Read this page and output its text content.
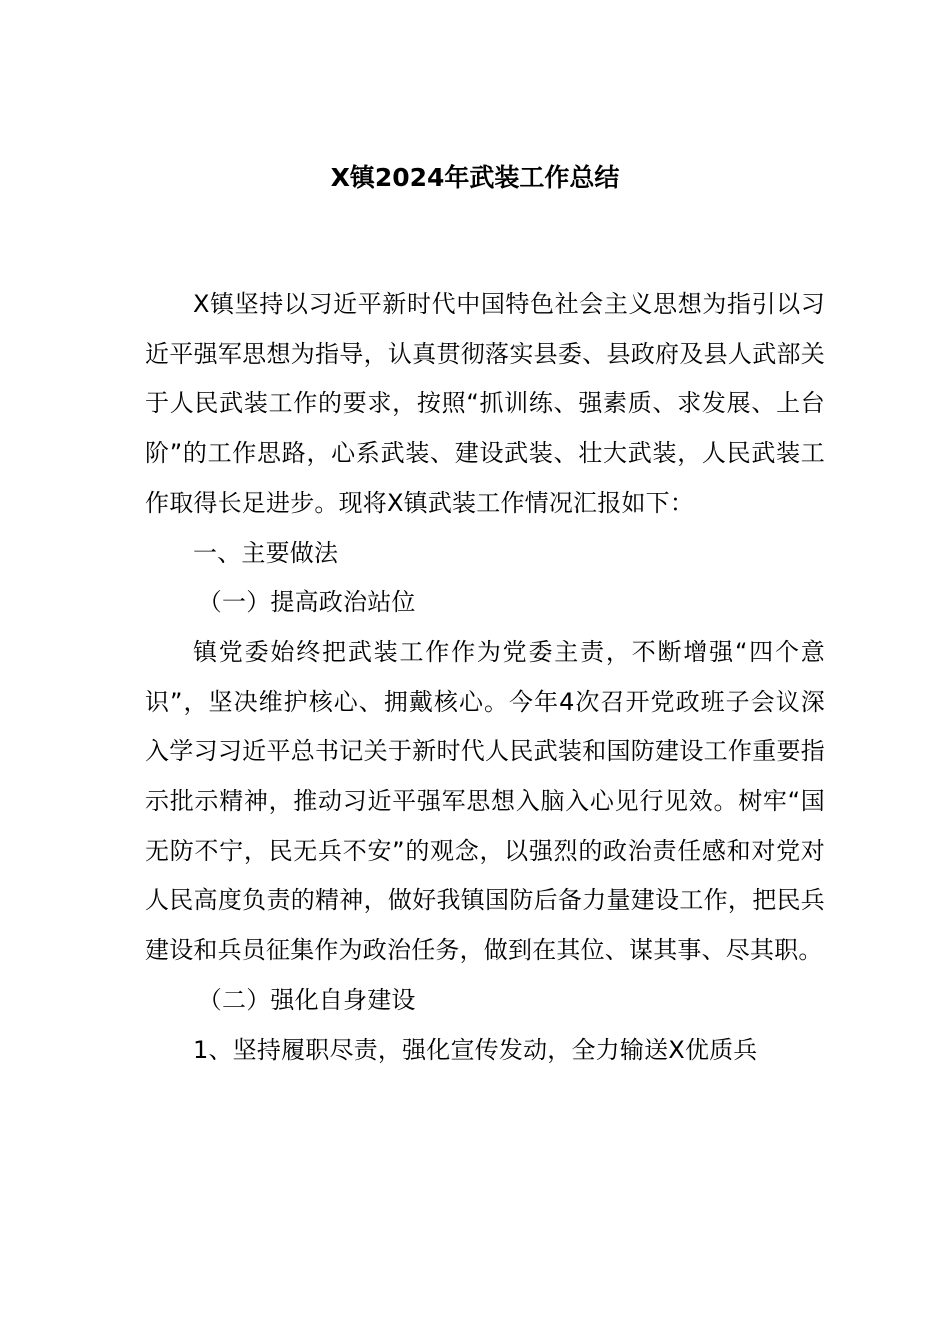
X镇2024年武装工作总结

X镇坚持以习近平新时代中国特色社会主义思想为指引以习近平强军思想为指导，认真贯彻落实县委、县政府及县人武部关于人民武装工作的要求，按照“抓训练、强素质、求发展、上台阶”的工作思路，心系武装、建设武装、壮大武装，人民武装工作取得长足进步。现将X镇武装工作情况汇报如下：

一、主要做法

（一）提高政治站位

镇党委始终把武装工作作为党委主责，不断增强“四个意识”，坚决维护核心、拥戴核心。今年4次召开党政班子会议深入学习习近平总书记关于新时代人民武装和国防建设工作重要指示批示精神，推动习近平强军思想入脑入心见行见效。树牢“国无防不宁，民无兵不安”的观念，以强烈的政治责任感和对党对人民高度负责的精神，做好我镇国防后备力量建设工作，把民兵建设和兵员征集作为政治任务，做到在其位、谋其事、尽其职。

（二）强化自身建设

1、坚持履职尽责，强化宣传发动，全力输送X优质兵
